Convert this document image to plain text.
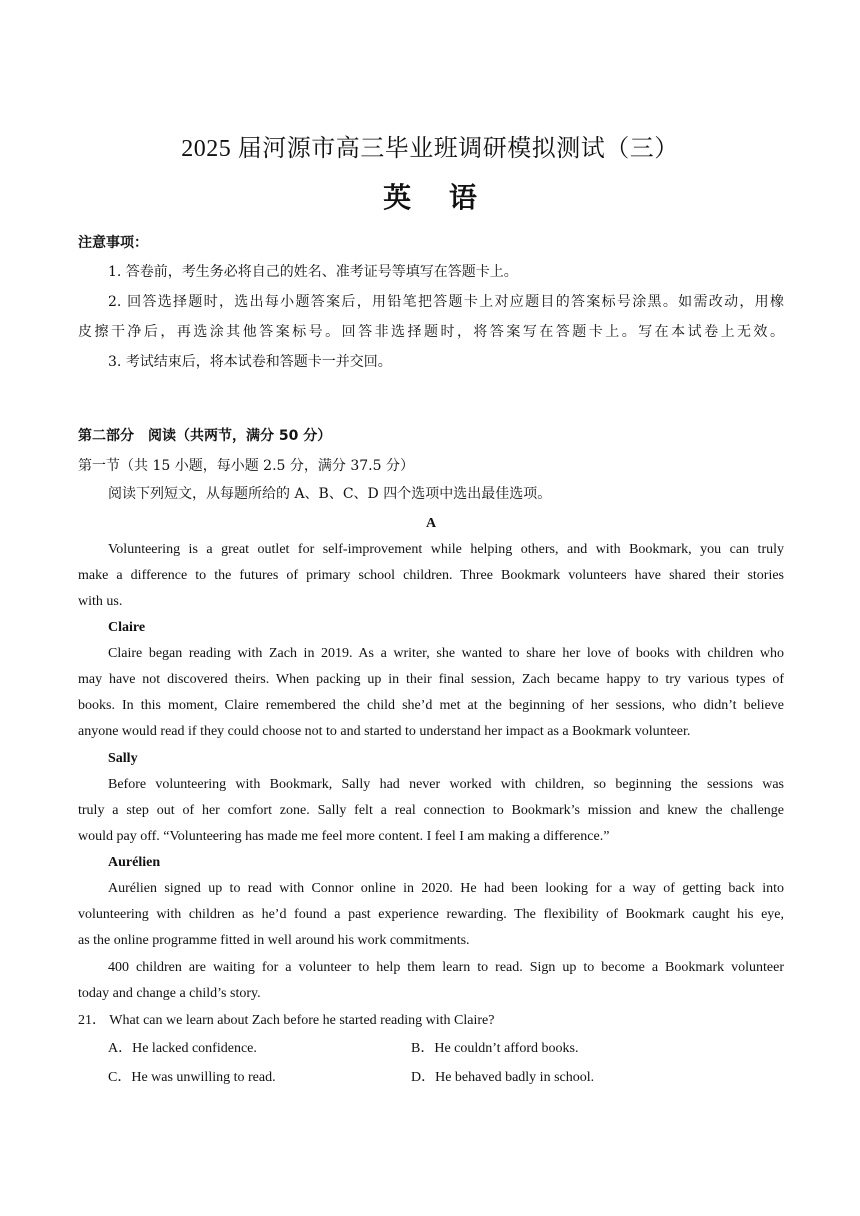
2025 届河源市高三毕业班调研模拟测试（三）
英 语
注意事项：
1. 答卷前，考生务必将自己的姓名、准考证号等填写在答题卡上。
2. 回答选择题时，选出每小题答案后，用铅笔把答题卡上对应题目的答案标号涂黑。如需改动，用橡
皮擦干净后，再选涂其他答案标号。回答非选择题时，将答案写在答题卡上。写在本试卷上无效。
3. 考试结束后，将本试卷和答题卡一并交回。
第二部分　阅读（共两节，满分 50 分）
第一节（共 15 小题，每小题 2.5 分，满分 37.5 分）
阅读下列短文，从每题所给的 A、B、C、D 四个选项中选出最佳选项。
A
Volunteering is a great outlet for self-improvement while helping others, and with Bookmark, you can truly
make a difference to the futures of primary school children. Three Bookmark volunteers have shared their stories
with us.
Claire
Claire began reading with Zach in 2019. As a writer, she wanted to share her love of books with children who
may have not discovered theirs. When packing up in their final session, Zach became happy to try various types of
books. In this moment, Claire remembered the child she’d met at the beginning of her sessions, who didn’t believe
anyone would read if they could choose not to and started to understand her impact as a Bookmark volunteer.
Sally
Before volunteering with Bookmark, Sally had never worked with children, so beginning the sessions was
truly a step out of her comfort zone. Sally felt a real connection to Bookmark’s mission and knew the challenge
would pay off. “Volunteering has made me feel more content. I feel I am making a difference.”
Aurélien
Aurélien signed up to read with Connor online in 2020. He had been looking for a way of getting back into
volunteering with children as he’d found a past experience rewarding. The flexibility of Bookmark caught his eye,
as the online programme fitted in well around his work commitments.
400 children are waiting for a volunteer to help them learn to read. Sign up to become a Bookmark volunteer
today and change a child’s story.
21． What can we learn about Zach before he started reading with Claire?
A．He lacked confidence.	B．He couldn’t afford books.
C．He was unwilling to read.	D．He behaved badly in school.
